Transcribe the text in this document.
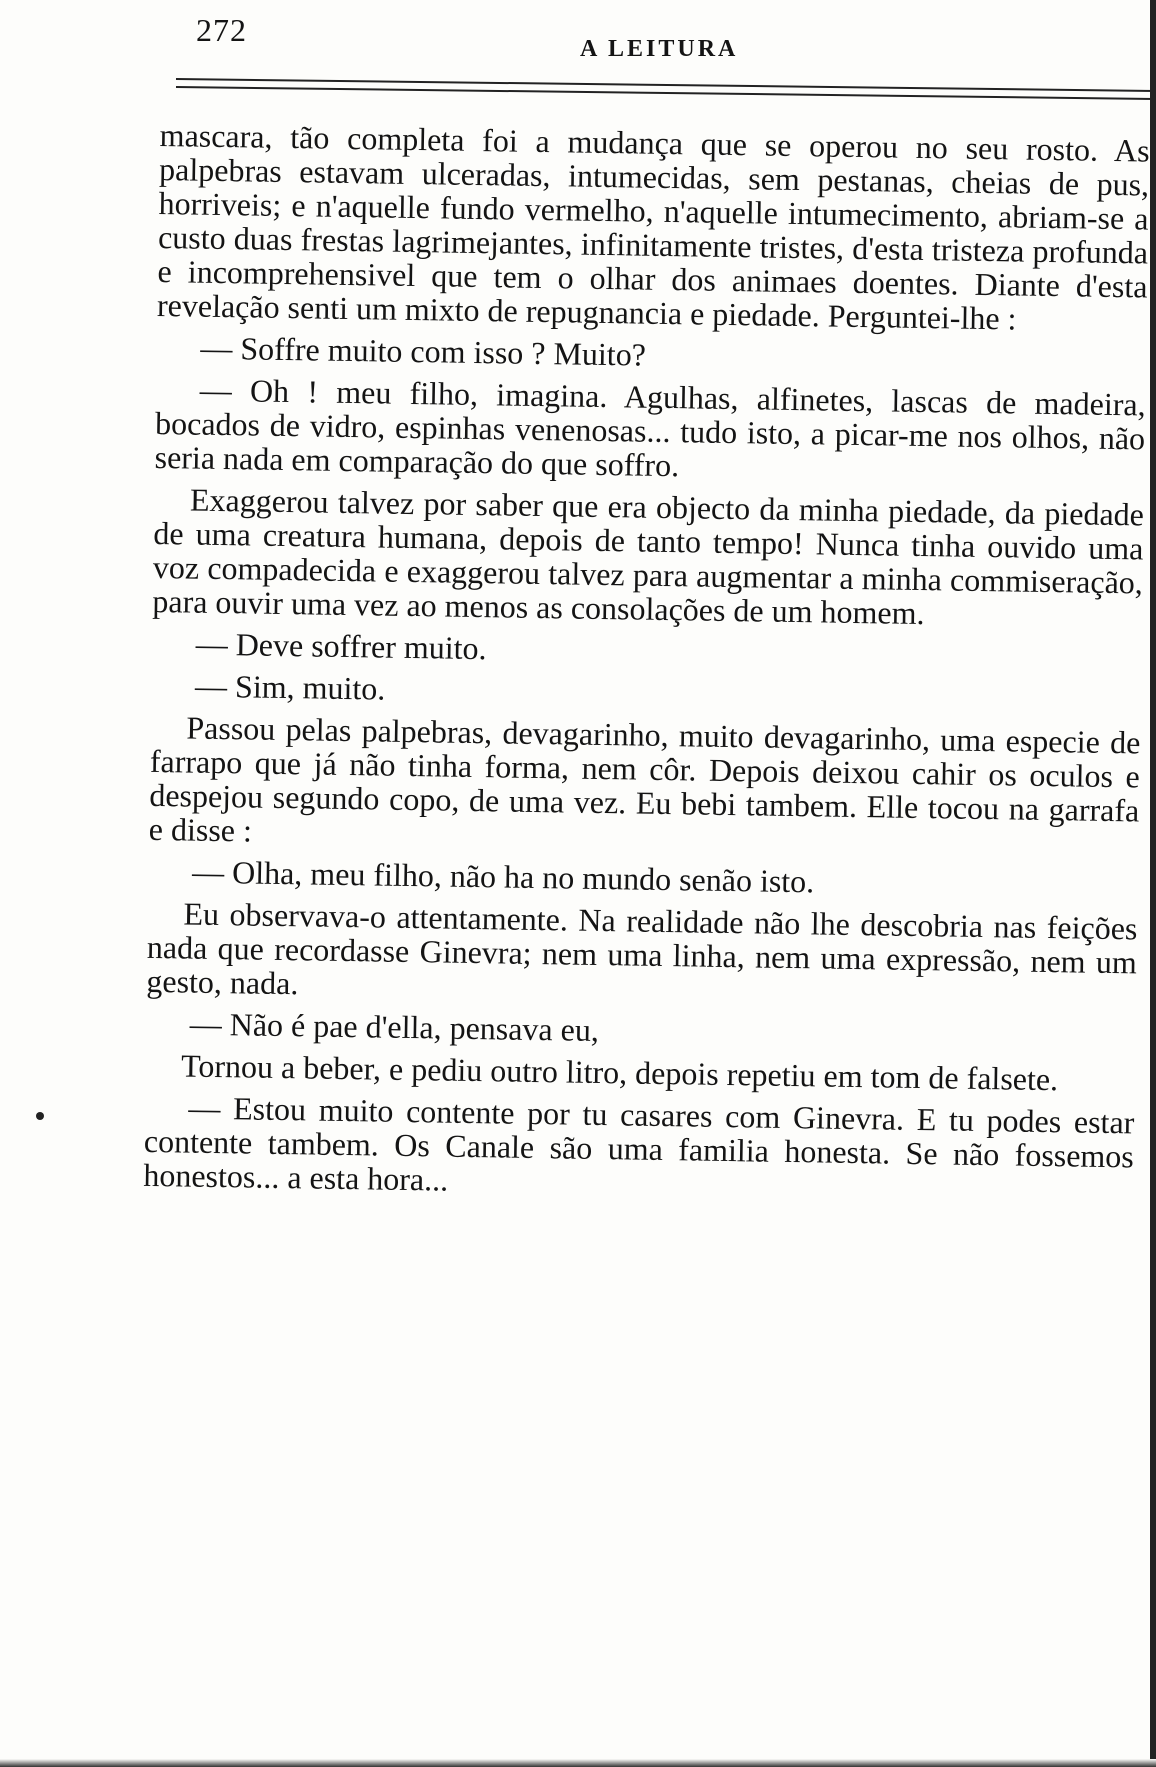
272
A LEITURA

mascara, tão completa foi a mudança que se operou no seu rosto. As palpebras estavam ulceradas, intumecidas, sem pestanas, cheias de pus, horriveis; e n'aquelle fundo vermelho, n'aquelle intumecimento, abriam-se a custo duas frestas lagrimejantes, infinitamente tristes, d'esta tristeza profunda e incomprehensivel que tem o olhar dos animaes doentes. Diante d'esta revelação senti um mixto de repugnancia e piedade. Perguntei-lhe :

— Soffre muito com isso ? Muito?

— Oh ! meu filho, imagina. Agulhas, alfinetes, lascas de madeira, bocados de vidro, espinhas venenosas... tudo isto, a picar-me nos olhos, não seria nada em comparação do que soffro.

Exaggerou talvez por saber que era objecto da minha piedade, da piedade de uma creatura humana, depois de tanto tempo! Nunca tinha ouvido uma voz compadecida e exaggerou talvez para augmentar a minha commiseração, para ouvir uma vez ao menos as consolações de um homem.

— Deve soffrer muito.

— Sim, muito.

Passou pelas palpebras, devagarinho, muito devagarinho, uma especie de farrapo que já não tinha forma, nem côr. Depois deixou cahir os oculos e despejou segundo copo, de uma vez. Eu bebi tambem. Elle tocou na garrafa e disse :

— Olha, meu filho, não ha no mundo senão isto.

Eu observava-o attentamente. Na realidade não lhe descobria nas feições nada que recordasse Ginevra; nem uma linha, nem uma expressão, nem um gesto, nada.

— Não é pae d'ella, pensava eu,

Tornou a beber, e pediu outro litro, depois repetiu em tom de falsete.

— Estou muito contente por tu casares com Ginevra. E tu podes estar contente tambem. Os Canale são uma familia honesta. Se não fossemos honestos... a esta hora...
